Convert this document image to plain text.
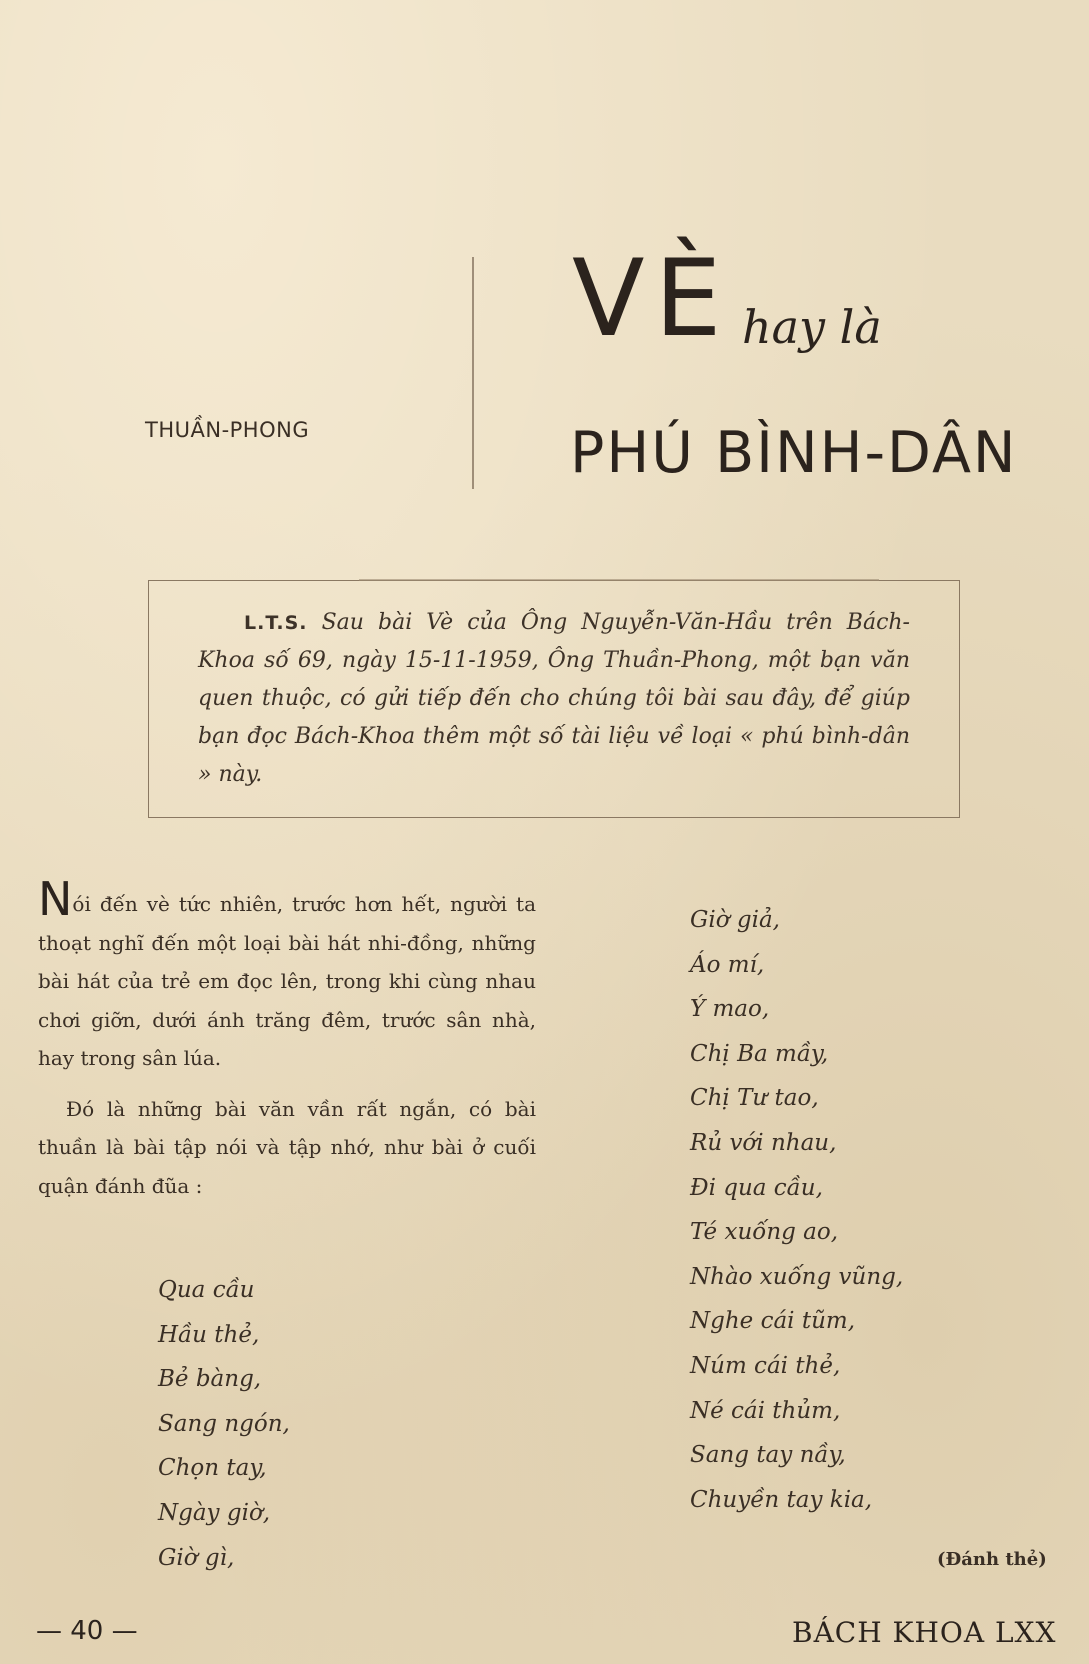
THUẦN-PHONG
VÈ hay là
PHÚ BÌNH-DÂN
L.T.S. Sau bài Vè của Ông Nguyễn-Văn-Hầu trên Bách-Khoa số 69, ngày 15-11-1959, Ông Thuần-Phong, một bạn văn quen thuộc, có gửi tiếp đến cho chúng tôi bài sau đây, để giúp bạn đọc Bách-Khoa thêm một số tài liệu về loại « phú bình-dân » này.

Nói đến vè tức nhiên, trước hơn hết, người ta thoạt nghĩ đến một loại bài hát nhi-đồng, những bài hát của trẻ em đọc lên, trong khi cùng nhau chơi giỡn, dưới ánh trăng đêm, trước sân nhà, hay trong sân lúa.

Đó là những bài văn vần rất ngắn, có bài thuần là bài tập nói và tập nhớ, như bài ở cuối quận đánh đũa :

Qua cầu
Hầu thẻ,
Bẻ bàng,
Sang ngón,
Chọn tay,
Ngày giờ,
Giờ gì,
Giờ giả,
Áo mí,
Ý mao,
Chị Ba mầy,
Chị Tư tao,
Rủ với nhau,
Đi qua cầu,
Té xuống ao,
Nhào xuống vũng,
Nghe cái tũm,
Núm cái thẻ,
Né cái thủm,
Sang tay nầy,
Chuyền tay kia,
(Đánh thẻ)
— 40 —	BÁCH KHOA LXX
